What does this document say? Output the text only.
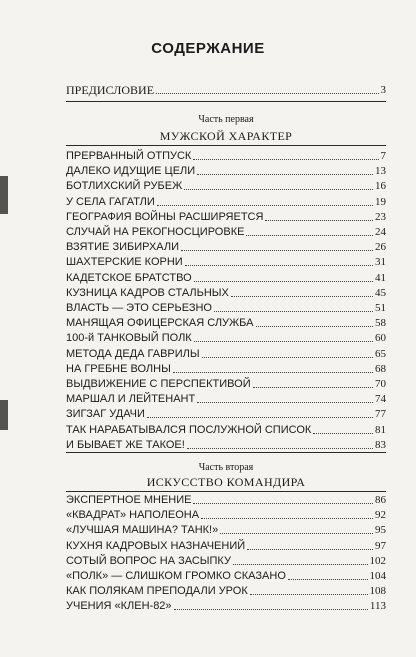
СОДЕРЖАНИЕ
ПРЕДИСЛОВИЕ	3
Часть первая
МУЖСКОЙ ХАРАКТЕР
ПРЕРВАННЫЙ ОТПУСК	7
ДАЛЕКО ИДУЩИЕ ЦЕЛИ	13
БОТЛИХСКИЙ РУБЕЖ	16
У СЕЛА ГАГАТЛИ	19
ГЕОГРАФИЯ ВОЙНЫ РАСШИРЯЕТСЯ	23
СЛУЧАЙ НА РЕКОГНОСЦИРОВКЕ	24
ВЗЯТИЕ ЗИБИРХАЛИ	26
ШАХТЕРСКИЕ КОРНИ	31
КАДЕТСКОЕ БРАТСТВО	41
КУЗНИЦА КАДРОВ СТАЛЬНЫХ	45
ВЛАСТЬ — ЭТО СЕРЬЕЗНО	51
МАНЯЩАЯ ОФИЦЕРСКАЯ СЛУЖБА	58
100-й ТАНКОВЫЙ ПОЛК	60
МЕТОДА ДЕДА ГАВРИЛЫ	65
НА ГРЕБНЕ ВОЛНЫ	68
ВЫДВИЖЕНИЕ С ПЕРСПЕКТИВОЙ	70
МАРШАЛ И ЛЕЙТЕНАНТ	74
ЗИГЗАГ УДАЧИ	77
ТАК НАРАБАТЫВАЛСЯ ПОСЛУЖНОЙ СПИСОК	81
И БЫВАЕТ ЖЕ ТАКОЕ!	83
Часть вторая
ИСКУССТВО КОМАНДИРА
ЭКСПЕРТНОЕ МНЕНИЕ	86
«КВАДРАТ» НАПОЛЕОНА	92
«ЛУЧШАЯ МАШИНА? ТАНК!»	95
КУХНЯ КАДРОВЫХ НАЗНАЧЕНИЙ	97
СОТЫЙ ВОПРОС НА ЗАСЫПКУ	102
«ПОЛК» — СЛИШКОМ ГРОМКО СКАЗАНО	104
КАК ПОЛЯКАМ ПРЕПОДАЛИ УРОК	108
УЧЕНИЯ «КЛЕН-82»	113
